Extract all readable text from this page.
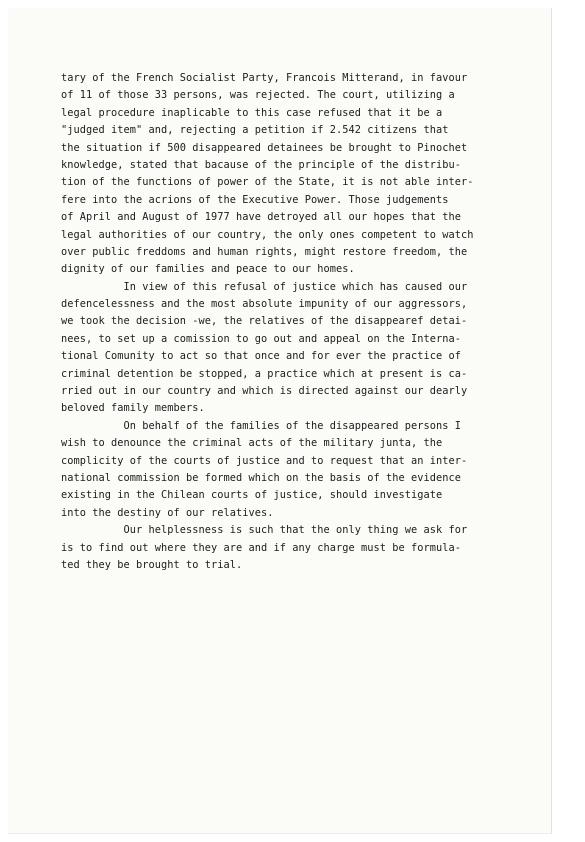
tary of the French Socialist Party, Francois Mitterand, in favour
of 11 of those 33 persons, was rejected. The court, utilizing a
legal procedure inaplicable to this case refused that it be a
"judged item" and, rejecting a petition if 2.542 citizens that
the situation if 500 disappeared detainees be brought to Pinochet
knowledge, stated that bacause of the principle of the distribu-
tion of the functions of power of the State, it is not able inter-
fere into the acrions of the Executive Power. Those judgements
of April and August of 1977 have detroyed all our hopes that the
legal authorities of our country, the only ones competent to watch
over public freddoms and human rights, might restore freedom, the
dignity of our families and peace to our homes.
In view of this refusal of justice which has caused our
defencelessness and the most absolute impunity of our aggressors,
we took the decision -we, the relatives of the disappearef detai-
nees, to set up a comission to go out and appeal on the Interna-
tional Comunity to act so that once and for ever the practice of
criminal detention be stopped, a practice which at present is ca-
rried out in our country and which is directed against our dearly
beloved family members.
On behalf of the families of the disappeared persons I
wish to denounce the criminal acts of the military junta, the
complicity of the courts of justice and to request that an inter-
national commission be formed which on the basis of the evidence
existing in the Chilean courts of justice, should investigate
into the destiny of our relatives.
Our helplessness is such that the only thing we ask for
is to find out where they are and if any charge must be formula-
ted they be brought to trial.
